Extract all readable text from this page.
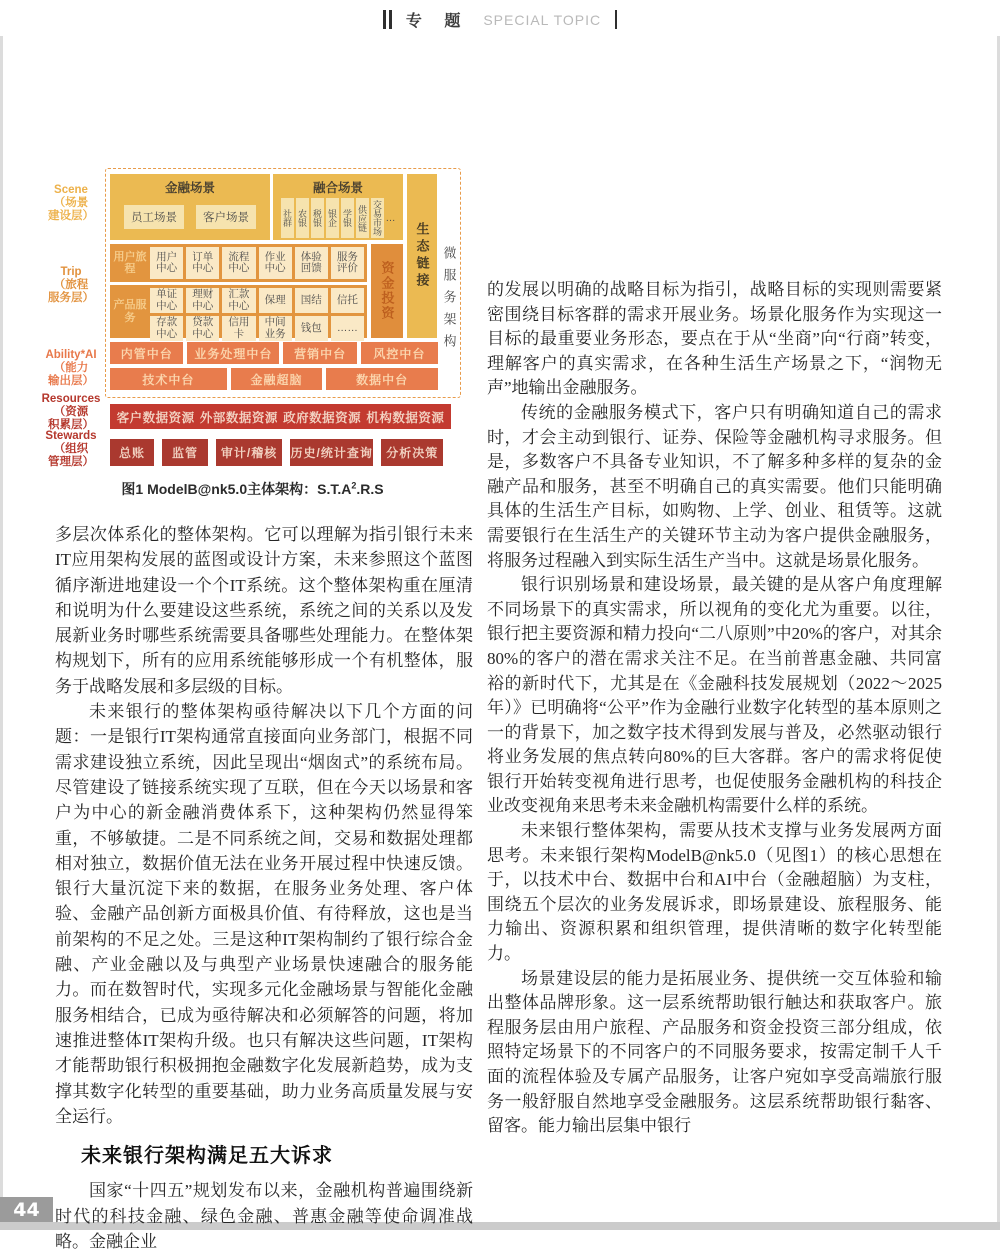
44
专 题 SPECIAL TOPIC
Scene
（场景
建设层）
Trip
（旅程
服务层）
Ability*AI
（能力
输出层）
Resources
（资源
积累层）
Stewards
（组织
管理层）
金融场景
员工场景	客户场景
融合场景
社群 农银 税银 银企 学银 供应链 交易市场 …
生态链接 微服务架构
用户旅程
用户中心
订单中心
流程中心
作业中心
体验回馈
服务评价
产品服务
单证中心
理财中心
汇款中心	保理	国结	信托
存款中心
贷款中心
信用卡
中间业务	钱包	……
资金投资
内管中台	业务处理中台	营销中台	风控中台
技术中台	金融超脑	数据中台
客户数据资源 外部数据资源 政府数据资源 机构数据资源
总账	监管	审计/稽核	历史/统计查询	分析决策
图1 ModelB@nk5.0主体架构：$S.T.A^2.R.S$

多层次体系化的整体架构。它可以理解为指引银行未来IT应用架构发展的蓝图或设计方案，未来参照这个蓝图循序渐进地建设一个个IT系统。这个整体架构重在厘清和说明为什么要建设这些系统，系统之间的关系以及发展新业务时哪些系统需要具备哪些处理能力。在整体架构规划下，所有的应用系统能够形成一个有机整体，服务于战略发展和多层级的目标。

未来银行的整体架构亟待解决以下几个方面的问题：一是银行IT架构通常直接面向业务部门，根据不同需求建设独立系统，因此呈现出“烟囱式”的系统布局。尽管建设了链接系统实现了互联，但在今天以场景和客户为中心的新金融消费体系下，这种架构仍然显得笨重，不够敏捷。二是不同系统之间，交易和数据处理都相对独立，数据价值无法在业务开展过程中快速反馈。银行大量沉淀下来的数据，在服务业务处理、客户体验、金融产品创新方面极具价值、有待释放，这也是当前架构的不足之处。三是这种IT架构制约了银行综合金融、产业金融以及与典型产业场景快速融合的服务能力。而在数智时代，实现多元化金融场景与智能化金融服务相结合，已成为亟待解决和必须解答的问题，将加速推进整体IT架构升级。也只有解决这些问题，IT架构才能帮助银行积极拥抱金融数字化发展新趋势，成为支撑其数字化转型的重要基础，助力业务高质量发展与安全运行。

未来银行架构满足五大诉求

国家“十四五”规划发布以来，金融机构普遍围绕新时代的科技金融、绿色金融、普惠金融等使命调准战略。金融企业

的发展以明确的战略目标为指引，战略目标的实现则需要紧密围绕目标客群的需求开展业务。场景化服务作为实现这一目标的最重要业务形态，要点在于从“坐商”向“行商”转变，理解客户的真实需求，在各种生活生产场景之下，“润物无声”地输出金融服务。

传统的金融服务模式下，客户只有明确知道自己的需求时，才会主动到银行、证券、保险等金融机构寻求服务。但是，多数客户不具备专业知识，不了解多种多样的复杂的金融产品和服务，甚至不明确自己的真实需要。他们只能明确具体的生活生产目标，如购物、上学、创业、租赁等。这就需要银行在生活生产的关键环节主动为客户提供金融服务，将服务过程融入到实际生活生产当中。这就是场景化服务。

银行识别场景和建设场景，最关键的是从客户角度理解不同场景下的真实需求，所以视角的变化尤为重要。以往，银行把主要资源和精力投向“二八原则”中20%的客户，对其余80%的客户的潜在需求关注不足。在当前普惠金融、共同富裕的新时代下，尤其是在《金融科技发展规划（2022～2025年）》已明确将“公平”作为金融行业数字化转型的基本原则之一的背景下，加之数字技术得到发展与普及，必然驱动银行将业务发展的焦点转向80%的巨大客群。客户的需求将促使银行开始转变视角进行思考，也促使服务金融机构的科技企业改变视角来思考未来金融机构需要什么样的系统。

未来银行整体架构，需要从技术支撑与业务发展两方面思考。未来银行架构ModelB@nk5.0（见图1）的核心思想在于，以技术中台、数据中台和AI中台（金融超脑）为支柱，围绕五个层次的业务发展诉求，即场景建设、旅程服务、能力输出、资源积累和组织管理，提供清晰的数字化转型能力。

场景建设层的能力是拓展业务、提供统一交互体验和输出整体品牌形象。这一层系统帮助银行触达和获取客户。旅程服务层由用户旅程、产品服务和资金投资三部分组成，依照特定场景下的不同客户的不同服务要求，按需定制千人千面的流程体验及专属产品服务，让客户宛如享受高端旅行服务一般舒服自然地享受金融服务。这层系统帮助银行黏客、留客。能力输出层集中银行
